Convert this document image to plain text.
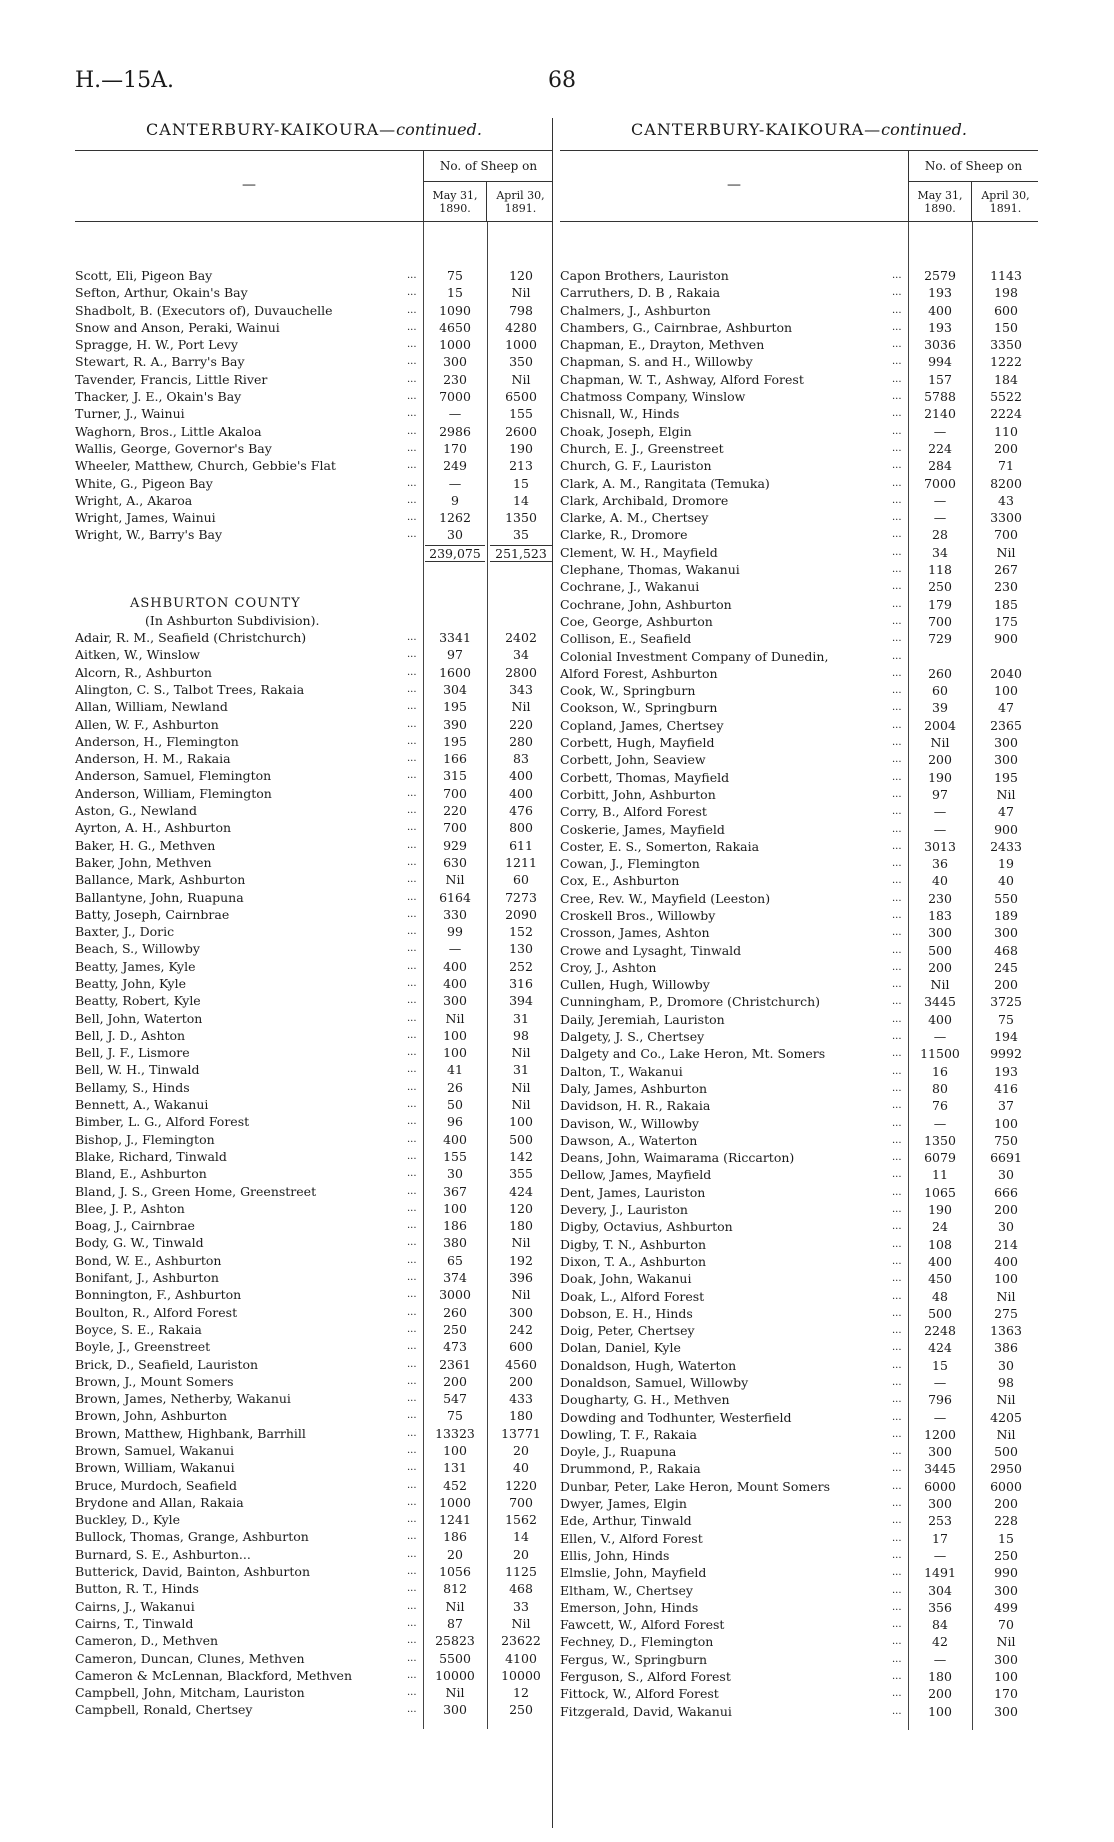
H.—15A.	68
CANTERBURY-KAIKOURA—continued.
—
No. of Sheep on
May 31, 1890.
April 30, 1891.
Scott, Eli, Pigeon Bay	...	75	120
Sefton, Arthur, Okain's Bay	...	15	Nil
Shadbolt, B. (Executors of), Duvauchelle	...	1090	798
Snow and Anson, Peraki, Wainui	...	4650	4280
Spragge, H. W., Port Levy	...	1000	1000
Stewart, R. A., Barry's Bay	...	300	350
Tavender, Francis, Little River	...	230	Nil
Thacker, J. E., Okain's Bay	...	7000	6500
Turner, J., Wainui	...	—	155
Waghorn, Bros., Little Akaloa	...	2986	2600
Wallis, George, Governor's Bay	...	170	190
Wheeler, Matthew, Church, Gebbie's Flat	...	249	213
White, G., Pigeon Bay	...	—	15
Wright, A., Akaroa	...	9	14
Wright, James, Wainui	...	1262	1350
Wright, W., Barry's Bay	...	30	35
239,075	251,523
ASHBURTON COUNTY
(In Ashburton Subdivision).
Adair, R. M., Seafield (Christchurch)	...	3341	2402
Aitken, W., Winslow	...	97	34
Alcorn, R., Ashburton	...	1600	2800
Alington, C. S., Talbot Trees, Rakaia	...	304	343
Allan, William, Newland	...	195	Nil
Allen, W. F., Ashburton	...	390	220
Anderson, H., Flemington	...	195	280
Anderson, H. M., Rakaia	...	166	83
Anderson, Samuel, Flemington	...	315	400
Anderson, William, Flemington	...	700	400
Aston, G., Newland	...	220	476
Ayrton, A. H., Ashburton	...	700	800
Baker, H. G., Methven	...	929	611
Baker, John, Methven	...	630	1211
Ballance, Mark, Ashburton	...	Nil	60
Ballantyne, John, Ruapuna	...	6164	7273
Batty, Joseph, Cairnbrae	...	330	2090
Baxter, J., Doric	...	99	152
Beach, S., Willowby	...	—	130
Beatty, James, Kyle	...	400	252
Beatty, John, Kyle	...	400	316
Beatty, Robert, Kyle	...	300	394
Bell, John, Waterton	...	Nil	31
Bell, J. D., Ashton	...	100	98
Bell, J. F., Lismore	...	100	Nil
Bell, W. H., Tinwald	...	41	31
Bellamy, S., Hinds	...	26	Nil
Bennett, A., Wakanui	...	50	Nil
Bimber, L. G., Alford Forest	...	96	100
Bishop, J., Flemington	...	400	500
Blake, Richard, Tinwald	...	155	142
Bland, E., Ashburton	...	30	355
Bland, J. S., Green Home, Greenstreet	...	367	424
Blee, J. P., Ashton	...	100	120
Boag, J., Cairnbrae	...	186	180
Body, G. W., Tinwald	...	380	Nil
Bond, W. E., Ashburton	...	65	192
Bonifant, J., Ashburton	...	374	396
Bonnington, F., Ashburton	...	3000	Nil
Boulton, R., Alford Forest	...	260	300
Boyce, S. E., Rakaia	...	250	242
Boyle, J., Greenstreet	...	473	600
Brick, D., Seafield, Lauriston	...	2361	4560
Brown, J., Mount Somers	...	200	200
Brown, James, Netherby, Wakanui	...	547	433
Brown, John, Ashburton	...	75	180
Brown, Matthew, Highbank, Barrhill	...	13323	13771
Brown, Samuel, Wakanui	...	100	20
Brown, William, Wakanui	...	131	40
Bruce, Murdoch, Seafield	...	452	1220
Brydone and Allan, Rakaia	...	1000	700
Buckley, D., Kyle	...	1241	1562
Bullock, Thomas, Grange, Ashburton	...	186	14
Burnard, S. E., Ashburton...	...	20	20
Butterick, David, Bainton, Ashburton	...	1056	1125
Button, R. T., Hinds	...	812	468
Cairns, J., Wakanui	...	Nil	33
Cairns, T., Tinwald	...	87	Nil
Cameron, D., Methven	...	25823	23622
Cameron, Duncan, Clunes, Methven	...	5500	4100
Cameron & McLennan, Blackford, Methven	...	10000	10000
Campbell, John, Mitcham, Lauriston	...	Nil	12
Campbell, Ronald, Chertsey	...	300	250
CANTERBURY-KAIKOURA—continued.
—
No. of Sheep on
May 31, 1890.
April 30, 1891.
Capon Brothers, Lauriston	...	2579	1143
Carruthers, D. B , Rakaia	...	193	198
Chalmers, J., Ashburton	...	400	600
Chambers, G., Cairnbrae, Ashburton	...	193	150
Chapman, E., Drayton, Methven	...	3036	3350
Chapman, S. and H., Willowby	...	994	1222
Chapman, W. T., Ashway, Alford Forest	...	157	184
Chatmoss Company, Winslow	...	5788	5522
Chisnall, W., Hinds	...	2140	2224
Choak, Joseph, Elgin	...	—	110
Church, E. J., Greenstreet	...	224	200
Church, G. F., Lauriston	...	284	71
Clark, A. M., Rangitata (Temuka)	...	7000	8200
Clark, Archibald, Dromore	...	—	43
Clarke, A. M., Chertsey	...	—	3300
Clarke, R., Dromore	...	28	700
Clement, W. H., Mayfield	...	34	Nil
Clephane, Thomas, Wakanui	...	118	267
Cochrane, J., Wakanui	...	250	230
Cochrane, John, Ashburton	...	179	185
Coe, George, Ashburton	...	700	175
Collison, E., Seafield	...	729	900
Colonial Investment Company of Dunedin,	...
Alford Forest, Ashburton	...	260	2040
Cook, W., Springburn	...	60	100
Cookson, W., Springburn	...	39	47
Copland, James, Chertsey	...	2004	2365
Corbett, Hugh, Mayfield	...	Nil	300
Corbett, John, Seaview	...	200	300
Corbett, Thomas, Mayfield	...	190	195
Corbitt, John, Ashburton	...	97	Nil
Corry, B., Alford Forest	...	—	47
Coskerie, James, Mayfield	...	—	900
Coster, E. S., Somerton, Rakaia	...	3013	2433
Cowan, J., Flemington	...	36	19
Cox, E., Ashburton	...	40	40
Cree, Rev. W., Mayfield (Leeston)	...	230	550
Croskell Bros., Willowby	...	183	189
Crosson, James, Ashton	...	300	300
Crowe and Lysaght, Tinwald	...	500	468
Croy, J., Ashton	...	200	245
Cullen, Hugh, Willowby	...	Nil	200
Cunningham, P., Dromore (Christchurch)	...	3445	3725
Daily, Jeremiah, Lauriston	...	400	75
Dalgety, J. S., Chertsey	...	—	194
Dalgety and Co., Lake Heron, Mt. Somers	...	11500	9992
Dalton, T., Wakanui	...	16	193
Daly, James, Ashburton	...	80	416
Davidson, H. R., Rakaia	...	76	37
Davison, W., Willowby	...	—	100
Dawson, A., Waterton	...	1350	750
Deans, John, Waimarama (Riccarton)	...	6079	6691
Dellow, James, Mayfield	...	11	30
Dent, James, Lauriston	...	1065	666
Devery, J., Lauriston	...	190	200
Digby, Octavius, Ashburton	...	24	30
Digby, T. N., Ashburton	...	108	214
Dixon, T. A., Ashburton	...	400	400
Doak, John, Wakanui	...	450	100
Doak, L., Alford Forest	...	48	Nil
Dobson, E. H., Hinds	...	500	275
Doig, Peter, Chertsey	...	2248	1363
Dolan, Daniel, Kyle	...	424	386
Donaldson, Hugh, Waterton	...	15	30
Donaldson, Samuel, Willowby	...	—	98
Dougharty, G. H., Methven	...	796	Nil
Dowding and Todhunter, Westerfield	...	—	4205
Dowling, T. F., Rakaia	...	1200	Nil
Doyle, J., Ruapuna	...	300	500
Drummond, P., Rakaia	...	3445	2950
Dunbar, Peter, Lake Heron, Mount Somers	...	6000	6000
Dwyer, James, Elgin	...	300	200
Ede, Arthur, Tinwald	...	253	228
Ellen, V., Alford Forest	...	17	15
Ellis, John, Hinds	...	—	250
Elmslie, John, Mayfield	...	1491	990
Eltham, W., Chertsey	...	304	300
Emerson, John, Hinds	...	356	499
Fawcett, W., Alford Forest	...	84	70
Fechney, D., Flemington	...	42	Nil
Fergus, W., Springburn	...	—	300
Ferguson, S., Alford Forest	...	180	100
Fittock, W., Alford Forest	...	200	170
Fitzgerald, David, Wakanui	...	100	300
